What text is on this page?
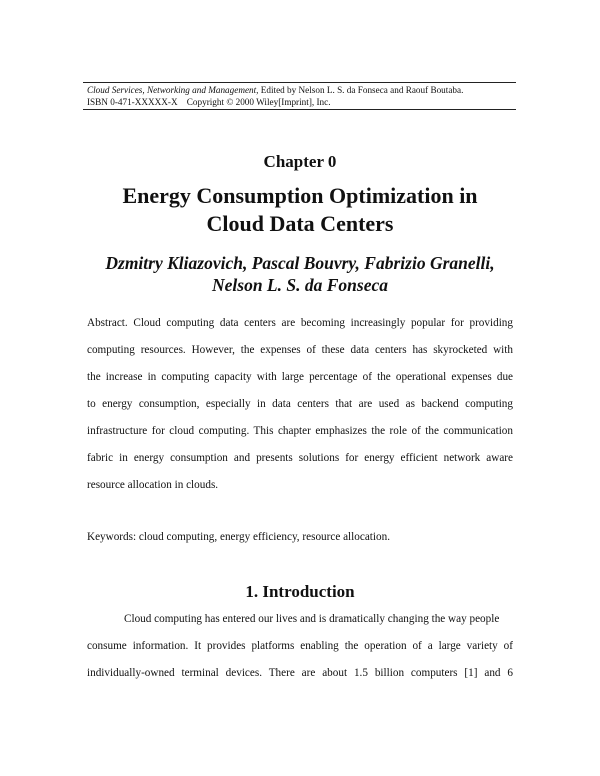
Cloud Services, Networking and Management, Edited by Nelson L. S. da Fonseca and Raouf Boutaba.
ISBN 0-471-XXXXX-X Copyright © 2000 Wiley[Imprint], Inc.
Chapter 0
Energy Consumption Optimization in
Cloud Data Centers
Dzmitry Kliazovich, Pascal Bouvry, Fabrizio Granelli,
Nelson L. S. da Fonseca
Abstract. Cloud computing data centers are becoming increasingly popular for providing
computing resources. However, the expenses of these data centers has skyrocketed with
the increase in computing capacity with large percentage of the operational expenses due
to energy consumption, especially in data centers that are used as backend computing
infrastructure for cloud computing. This chapter emphasizes the role of the communication
fabric in energy consumption and presents solutions for energy efficient network aware
resource allocation in clouds.
Keywords: cloud computing, energy efficiency, resource allocation.
1. Introduction
Cloud computing has entered our lives and is dramatically changing the way people
consume information. It provides platforms enabling the operation of a large variety of
individually-owned terminal devices. There are about 1.5 billion computers [1] and 6
